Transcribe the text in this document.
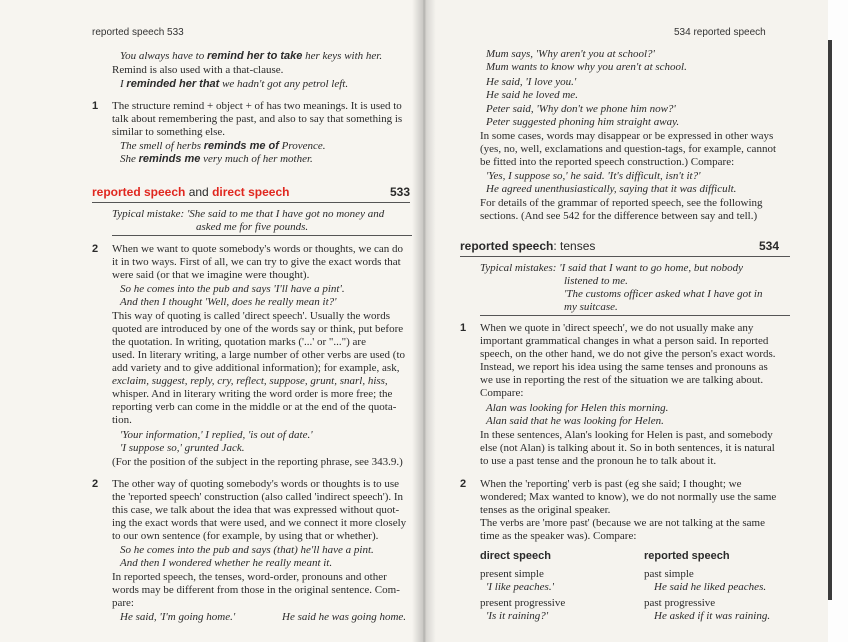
reported speech 533
You always have to remind her to take her keys with her.
Remind is also used with a that-clause.
I reminded her that we hadn't got any petrol left.
1 The structure remind + object + of has two meanings. It is used to
talk about remembering the past, and also to say that something is
similar to something else.
The smell of herbs reminds me of Provence.
She reminds me very much of her mother.
reported speech and direct speech	533
Typical mistake: 'She said to me that I have got no money and
asked me for five pounds.
2 When we want to quote somebody's words or thoughts, we can do
it in two ways. First of all, we can try to give the exact words that
were said (or that we imagine were thought).
So he comes into the pub and says 'I'll have a pint'.
And then I thought 'Well, does he really mean it?'
This way of quoting is called 'direct speech'. Usually the words
quoted are introduced by one of the words say or think, put before
the quotation. In writing, quotation marks ('...' or "...") are
used. In literary writing, a large number of other verbs are used (to
add variety and to give additional information); for example, ask,
exclaim, suggest, reply, cry, reflect, suppose, grunt, snarl, hiss,
whisper. And in literary writing the word order is more free; the
reporting verb can come in the middle or at the end of the quota-
tion.
'Your information,' I replied, 'is out of date.'
'I suppose so,' grunted Jack.
(For the position of the subject in the reporting phrase, see 343.9.)
2 The other way of quoting somebody's words or thoughts is to use
the 'reported speech' construction (also called 'indirect speech'). In
this case, we talk about the idea that was expressed without quot-
ing the exact words that were used, and we connect it more closely
to our own sentence (for example, by using that or whether).
So he comes into the pub and says (that) he'll have a pint.
And then I wondered whether he really meant it.
In reported speech, the tenses, word-order, pronouns and other
words may be different from those in the original sentence. Com-
pare:
He said, 'I'm going home.'	He said he was going home.
534 reported speech
Mum says, 'Why aren't you at school?'
Mum wants to know why you aren't at school.
He said, 'I love you.'
He said he loved me.
Peter said, 'Why don't we phone him now?'
Peter suggested phoning him straight away.
In some cases, words may disappear or be expressed in other ways
(yes, no, well, exclamations and question-tags, for example, cannot
be fitted into the reported speech construction.) Compare:
'Yes, I suppose so,' he said. 'It's difficult, isn't it?'
He agreed unenthusiastically, saying that it was difficult.
For details of the grammar of reported speech, see the following
sections. (And see 542 for the difference between say and tell.)
reported speech: tenses	534
Typical mistakes: 'I said that I want to go home, but nobody
listened to me.
'The customs officer asked what I have got in
my suitcase.
1 When we quote in 'direct speech', we do not usually make any
important grammatical changes in what a person said. In reported
speech, on the other hand, we do not give the person's exact words.
Instead, we report his idea using the same tenses and pronouns as
we use in reporting the rest of the situation we are talking about.
Compare:
Alan was looking for Helen this morning.
Alan said that he was looking for Helen.
In these sentences, Alan's looking for Helen is past, and somebody
else (not Alan) is talking about it. So in both sentences, it is natural
to use a past tense and the pronoun he to talk about it.
2 When the 'reporting' verb is past (eg she said; I thought; we
wondered; Max wanted to know), we do not normally use the same
tenses as the original speaker.
The verbs are 'more past' (because we are not talking at the same
time as the speaker was). Compare:
direct speech	reported speech
present simple	past simple
'I like peaches.'	He said he liked peaches.
present progressive	past progressive
'Is it raining?'	He asked if it was raining.
